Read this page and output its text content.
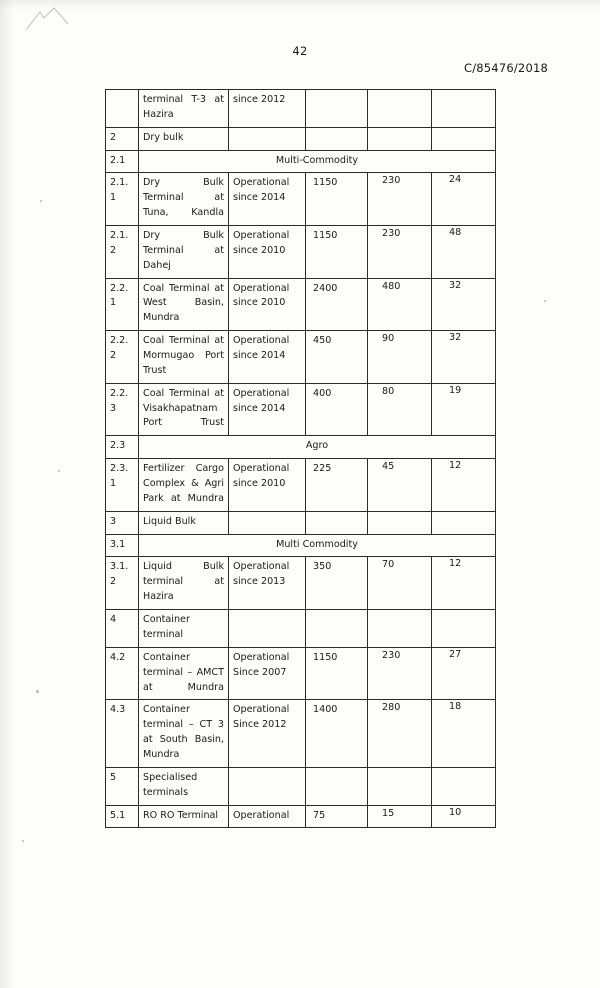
42
C/85476/2018
	terminal T-3 at Hazira	since 2012			
2	Dry bulk				
2.1	Multi-Commodity				
2.1.1	Dry Bulk Terminal at Tuna, Kandla	Operational since 2014	1150	230	24
2.1.2	Dry Bulk Terminal at Dahej	Operational since 2010	1150	230	48
2.2.1	Coal Terminal at West Basin, Mundra	Operational since 2010	2400	480	32
2.2.2	Coal Terminal at Mormugao Port Trust	Operational since 2014	450	90	32
2.2.3	Coal Terminal at Visakhapatnam Port Trust	Operational since 2014	400	80	19
2.3	Agro				
2.3.1	Fertilizer Cargo Complex & Agri Park at Mundra	Operational since 2010	225	45	12
3	Liquid Bulk				
3.1	Multi Commodity				
3.1.2	Liquid Bulk terminal at Hazira	Operational since 2013	350	70	12
4	Container terminal				
4.2	Container terminal – AMCT at Mundra	Operational Since 2007	1150	230	27
4.3	Container terminal – CT 3 at South Basin, Mundra	Operational Since 2012	1400	280	18
5	Specialised terminals				
5.1	RO RO Terminal	Operational	75	15	10
